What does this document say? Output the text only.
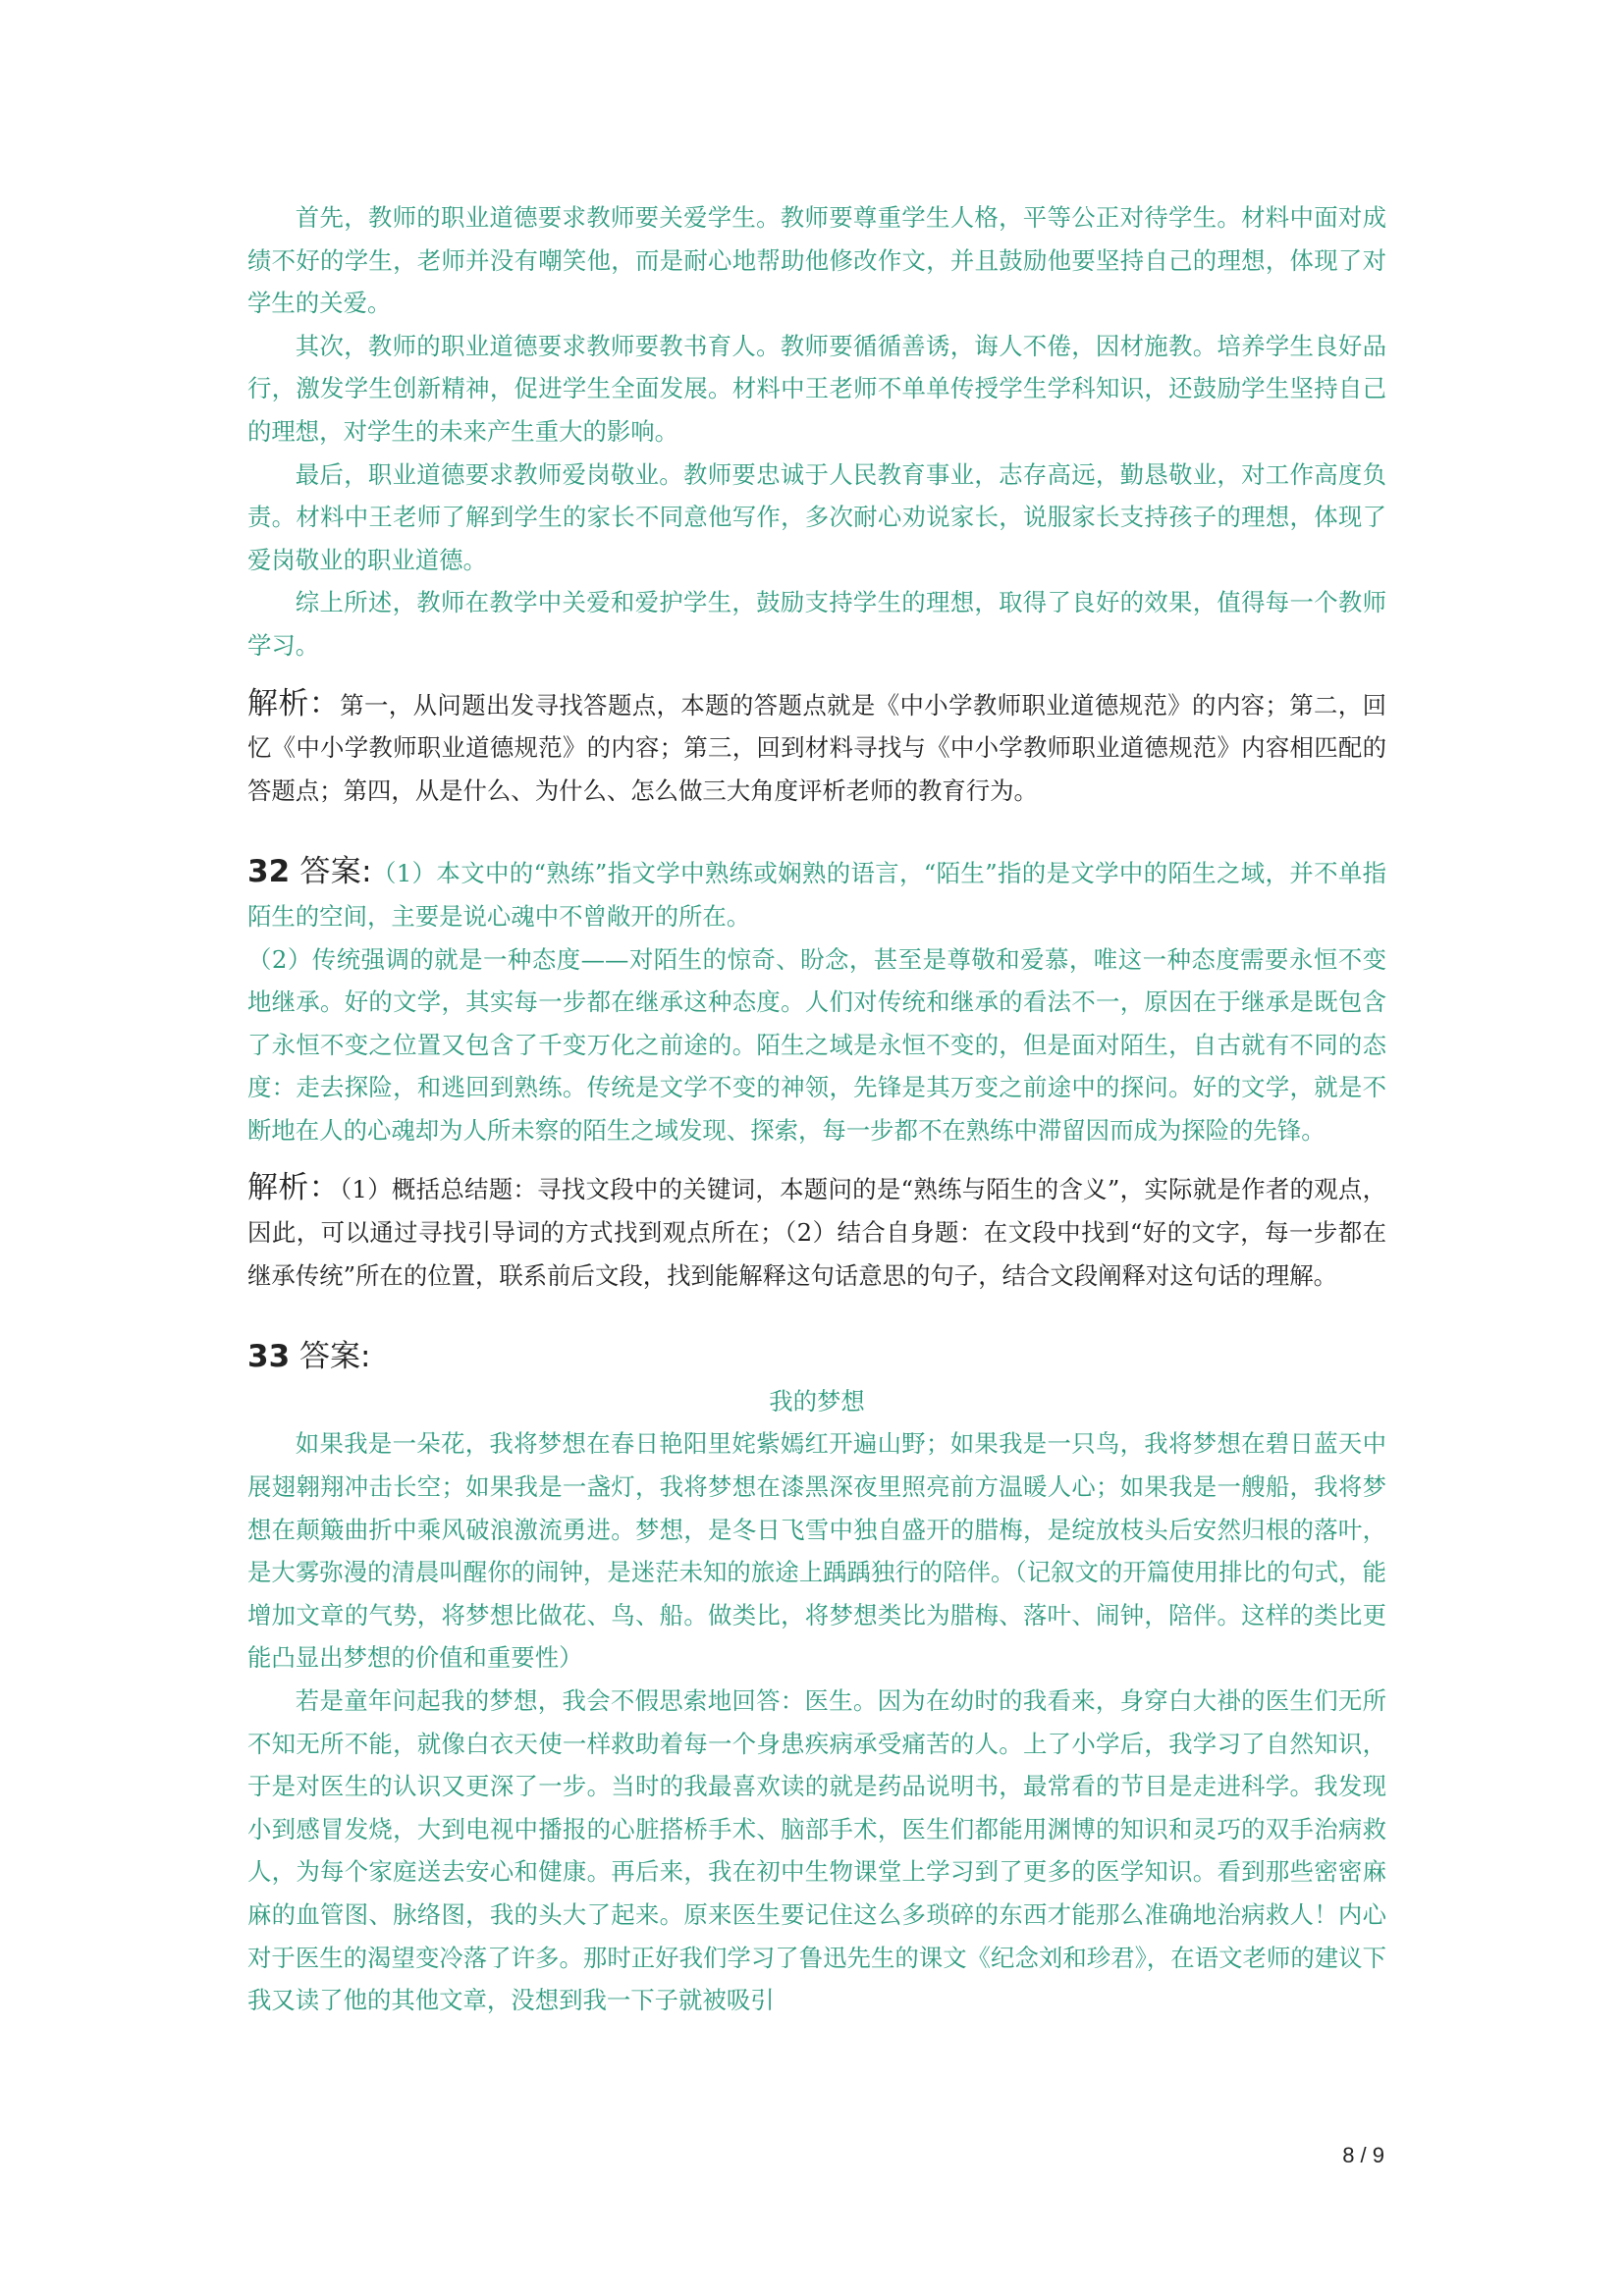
首先，教师的职业道德要求教师要关爱学生。教师要尊重学生人格，平等公正对待学生。材料中面对成绩不好的学生，老师并没有嘲笑他，而是耐心地帮助他修改作文，并且鼓励他要坚持自己的理想，体现了对学生的关爱。

其次，教师的职业道德要求教师要教书育人。教师要循循善诱，诲人不倦，因材施教。培养学生良好品行，激发学生创新精神，促进学生全面发展。材料中王老师不单单传授学生学科知识，还鼓励学生坚持自己的理想，对学生的未来产生重大的影响。

最后，职业道德要求教师爱岗敬业。教师要忠诚于人民教育事业，志存高远，勤恳敬业，对工作高度负责。材料中王老师了解到学生的家长不同意他写作，多次耐心劝说家长，说服家长支持孩子的理想，体现了爱岗敬业的职业道德。

综上所述，教师在教学中关爱和爱护学生，鼓励支持学生的理想，取得了良好的效果，值得每一个教师学习。

解析：第一，从问题出发寻找答题点，本题的答题点就是《中小学教师职业道德规范》的内容；第二，回忆《中小学教师职业道德规范》的内容；第三，回到材料寻找与《中小学教师职业道德规范》内容相匹配的答题点；第四，从是什么、为什么、怎么做三大角度评析老师的教育行为。

32 答案:（1）本文中的“熟练”指文学中熟练或娴熟的语言，“陌生”指的是文学中的陌生之域，并不单指陌生的空间，主要是说心魂中不曾敞开的所在。

（2）传统强调的就是一种态度——对陌生的惊奇、盼念，甚至是尊敬和爱慕，唯这一种态度需要永恒不变地继承。好的文学，其实每一步都在继承这种态度。人们对传统和继承的看法不一，原因在于继承是既包含了永恒不变之位置又包含了千变万化之前途的。陌生之域是永恒不变的，但是面对陌生，自古就有不同的态度：走去探险，和逃回到熟练。传统是文学不变的神领，先锋是其万变之前途中的探问。好的文学，就是不断地在人的心魂却为人所未察的陌生之域发现、探索，每一步都不在熟练中滞留因而成为探险的先锋。

解析：（1）概括总结题：寻找文段中的关键词，本题问的是“熟练与陌生的含义”，实际就是作者的观点，因此，可以通过寻找引导词的方式找到观点所在；（2）结合自身题：在文段中找到“好的文字，每一步都在继承传统”所在的位置，联系前后文段，找到能解释这句话意思的句子，结合文段阐释对这句话的理解。

33 答案:

我的梦想

如果我是一朵花，我将梦想在春日艳阳里姹紫嫣红开遍山野；如果我是一只鸟，我将梦想在碧日蓝天中展翅翱翔冲击长空；如果我是一盏灯，我将梦想在漆黑深夜里照亮前方温暖人心；如果我是一艘船，我将梦想在颠簸曲折中乘风破浪激流勇进。梦想，是冬日飞雪中独自盛开的腊梅，是绽放枝头后安然归根的落叶，是大雾弥漫的清晨叫醒你的闹钟，是迷茫未知的旅途上踽踽独行的陪伴。（记叙文的开篇使用排比的句式，能增加文章的气势，将梦想比做花、鸟、船。做类比，将梦想类比为腊梅、落叶、闹钟，陪伴。这样的类比更能凸显出梦想的价值和重要性）

若是童年问起我的梦想，我会不假思索地回答：医生。因为在幼时的我看来，身穿白大褂的医生们无所不知无所不能，就像白衣天使一样救助着每一个身患疾病承受痛苦的人。上了小学后，我学习了自然知识，于是对医生的认识又更深了一步。当时的我最喜欢读的就是药品说明书，最常看的节目是走进科学。我发现小到感冒发烧，大到电视中播报的心脏搭桥手术、脑部手术，医生们都能用渊博的知识和灵巧的双手治病救人，为每个家庭送去安心和健康。再后来，我在初中生物课堂上学习到了更多的医学知识。看到那些密密麻麻的血管图、脉络图，我的头大了起来。原来医生要记住这么多琐碎的东西才能那么准确地治病救人！内心对于医生的渴望变冷落了许多。那时正好我们学习了鲁迅先生的课文《纪念刘和珍君》，在语文老师的建议下我又读了他的其他文章，没想到我一下子就被吸引

8 / 9
